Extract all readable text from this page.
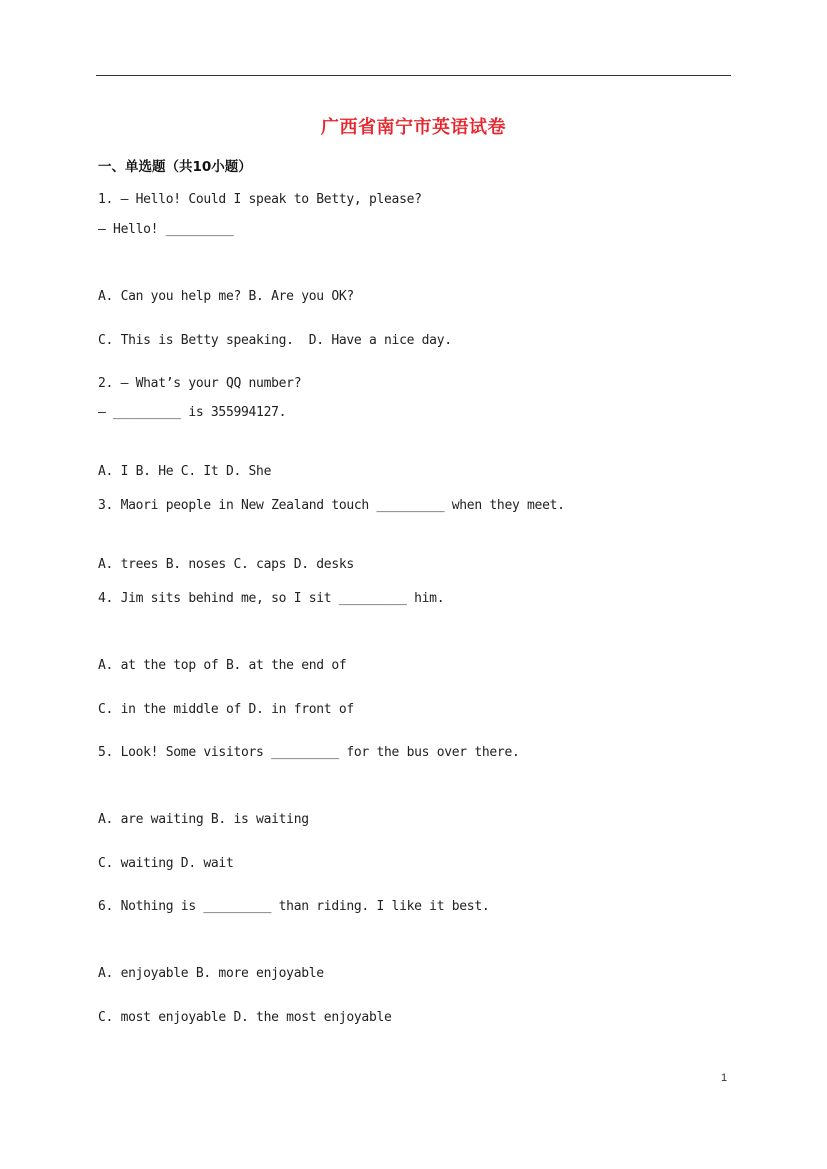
广西省南宁市英语试卷
一、单选题（共10小题）
1. — Hello! Could I speak to Betty, please?
— Hello! _________
A. Can you help me? B. Are you OK?
C. This is Betty speaking.  D. Have a nice day.
2. — What’s your QQ number?
— _________ is 355994127.
A. I B. He C. It D. She
3. Maori people in New Zealand touch _________ when they meet.
A. trees B. noses C. caps D. desks
4. Jim sits behind me, so I sit _________ him.
A. at the top of B. at the end of
C. in the middle of D. in front of
5. Look! Some visitors _________ for the bus over there.
A. are waiting B. is waiting
C. waiting D. wait
6. Nothing is _________ than riding. I like it best.
A. enjoyable B. more enjoyable
C. most enjoyable D. the most enjoyable
1
